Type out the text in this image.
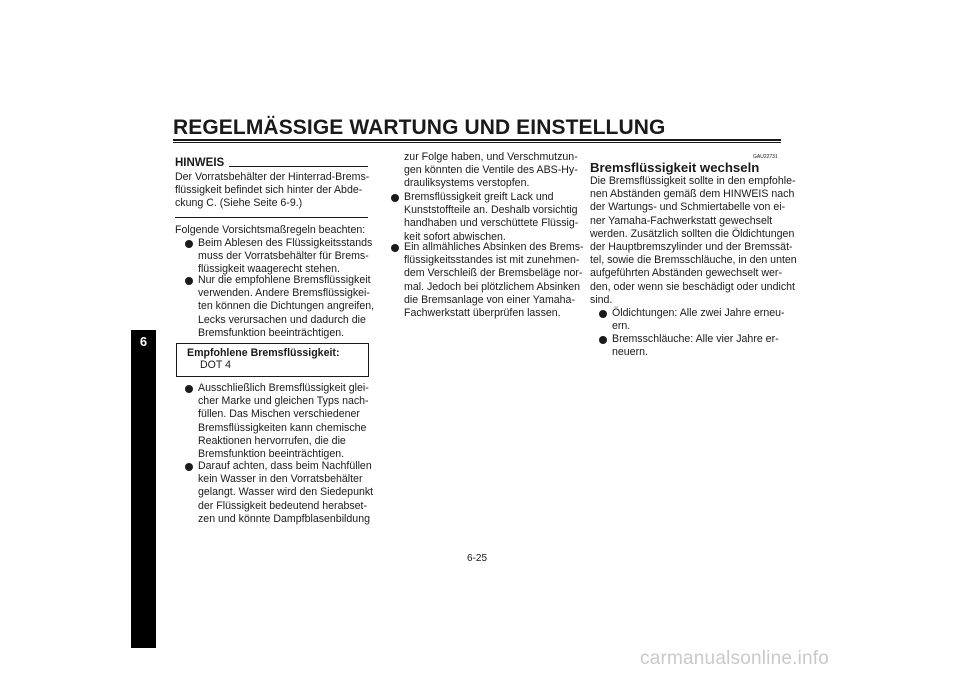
REGELMÄSSIGE WARTUNG UND EINSTELLUNG
6
HINWEIS
Der Vorratsbehälter der Hinterrad-Brems-
flüssigkeit befindet sich hinter der Abde-
ckung C. (Siehe Seite 6-9.)
Folgende Vorsichtsmaßregeln beachten:
Beim Ablesen des Flüssigkeitsstands
muss der Vorratsbehälter für Brems-
flüssigkeit waagerecht stehen.
Nur die empfohlene Bremsflüssigkeit
verwenden. Andere Bremsflüssigkei-
ten können die Dichtungen angreifen,
Lecks verursachen und dadurch die
Bremsfunktion beeinträchtigen.
Empfohlene Bremsflüssigkeit:
DOT 4
Ausschließlich Bremsflüssigkeit glei-
cher Marke und gleichen Typs nach-
füllen. Das Mischen verschiedener
Bremsflüssigkeiten kann chemische
Reaktionen hervorrufen, die die
Bremsfunktion beeinträchtigen.
Darauf achten, dass beim Nachfüllen
kein Wasser in den Vorratsbehälter
gelangt. Wasser wird den Siedepunkt
der Flüssigkeit bedeutend herabset-
zen und könnte Dampfblasenbildung
zur Folge haben, und Verschmutzun-
gen könnten die Ventile des ABS-Hy-
drauliksystems verstopfen.
Bremsflüssigkeit greift Lack und
Kunststoffteile an. Deshalb vorsichtig
handhaben und verschüttete Flüssig-
keit sofort abwischen.
Ein allmähliches Absinken des Brems-
flüssigkeitsstandes ist mit zunehmen-
dem Verschleiß der Bremsbeläge nor-
mal. Jedoch bei plötzlichem Absinken
die Bremsanlage von einer Yamaha-
Fachwerkstatt überprüfen lassen.
GAU22731
Bremsflüssigkeit wechseln
Die Bremsflüssigkeit sollte in den empfohle-
nen Abständen gemäß dem HINWEIS nach
der Wartungs- und Schmiertabelle von ei-
ner Yamaha-Fachwerkstatt gewechselt
werden. Zusätzlich sollten die Öldichtungen
der Hauptbremszylinder und der Bremssät-
tel, sowie die Bremsschläuche, in den unten
aufgeführten Abständen gewechselt wer-
den, oder wenn sie beschädigt oder undicht
sind.
Öldichtungen: Alle zwei Jahre erneu-
ern.
Bremsschläuche: Alle vier Jahre er-
neuern.
6-25
carmanualsonline.info
